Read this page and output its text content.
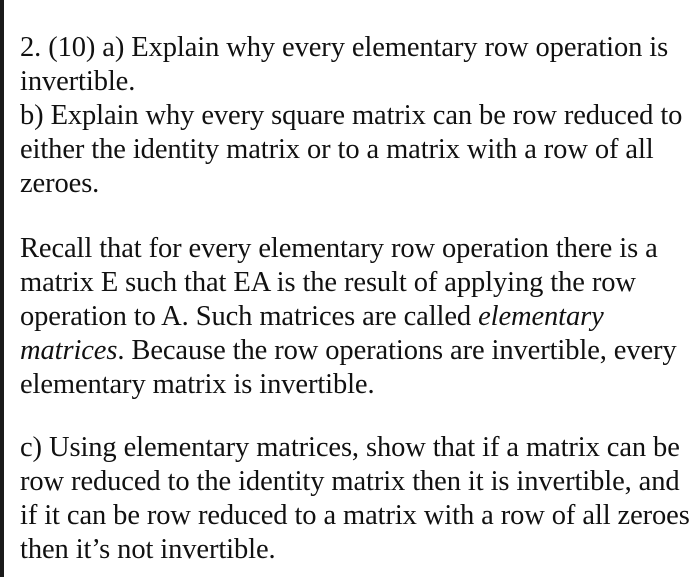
2. (10) a) Explain why every elementary row operation is
invertible.
b) Explain why every square matrix can be row reduced to
either the identity matrix or to a matrix with a row of all
zeroes.
Recall that for every elementary row operation there is a
matrix E such that EA is the result of applying the row
operation to A. Such matrices are called elementary
matrices. Because the row operations are invertible, every
elementary matrix is invertible.
c) Using elementary matrices, show that if a matrix can be
row reduced to the identity matrix then it is invertible, and
if it can be row reduced to a matrix with a row of all zeroes
then it’s not invertible.
